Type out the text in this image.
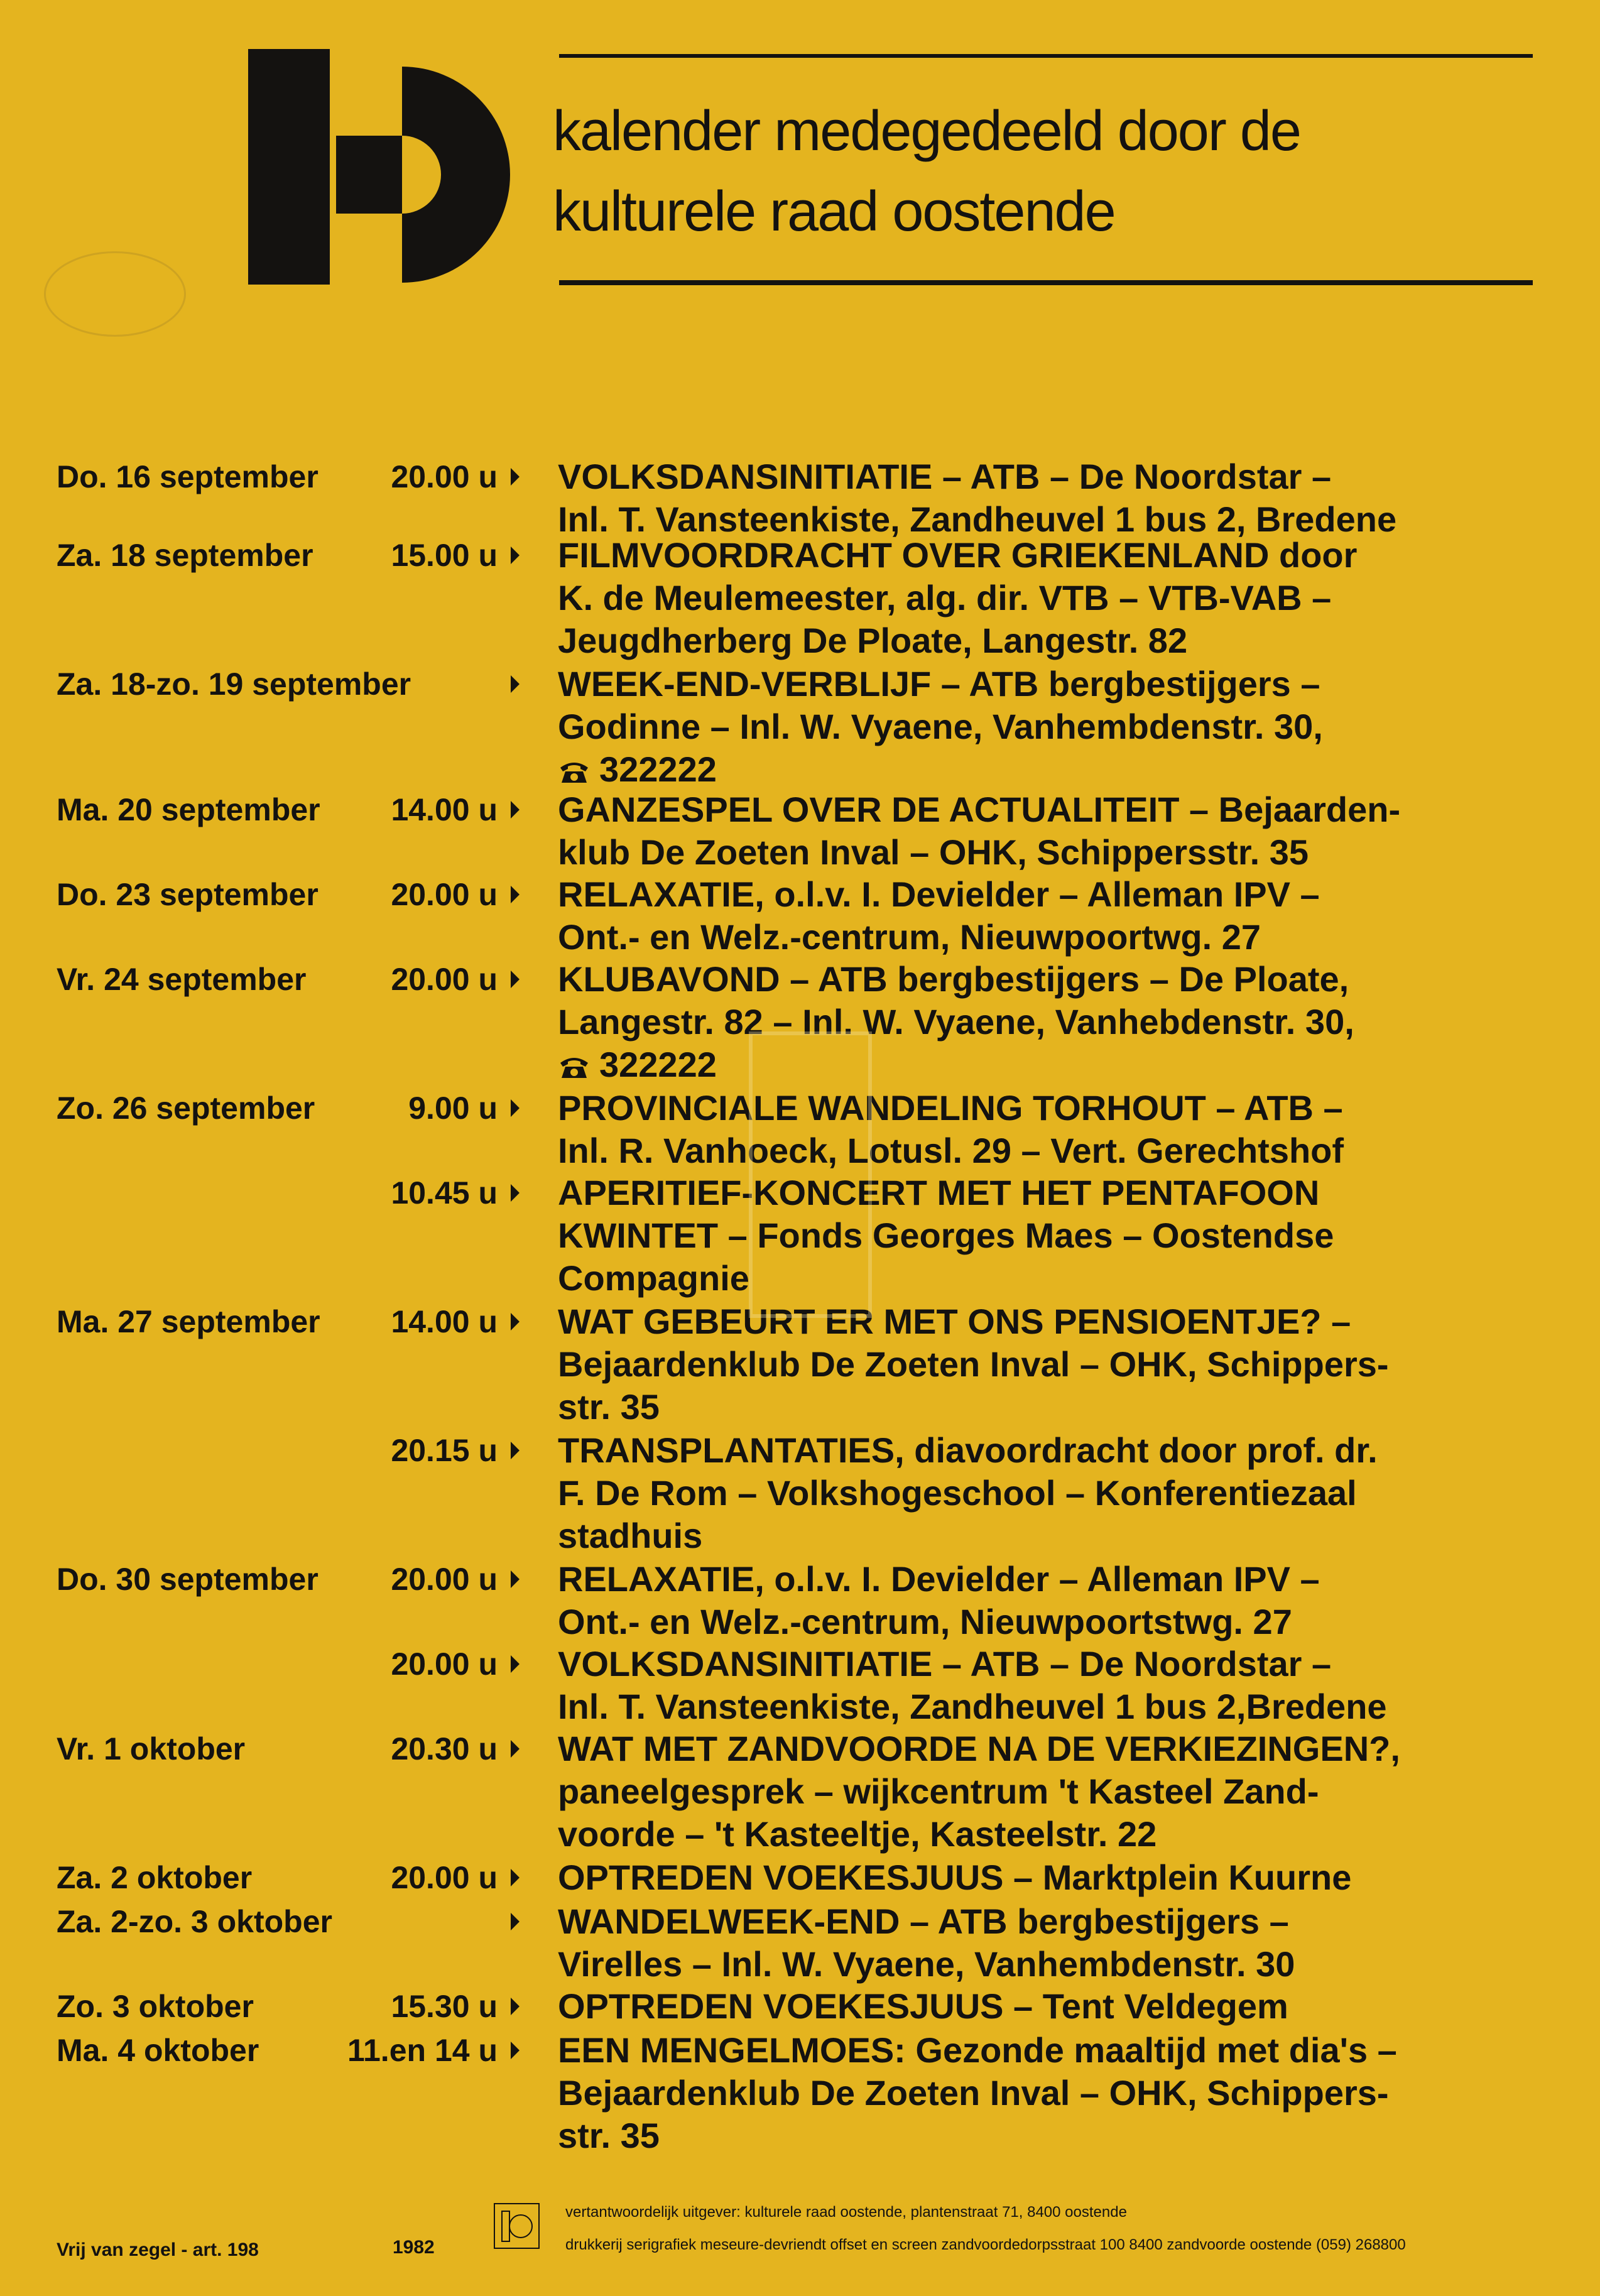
kalender medegedeeld door de
kulturele raad oostende
Do. 16 september 20.00 u VOLKSDANSINITIATIE – ATB – De Noordstar –
Inl. T. Vansteenkiste, Zandheuvel 1 bus 2, Bredene
Za. 18 september 15.00 u FILMVOORDRACHT OVER GRIEKENLAND door
K. de Meulemeester, alg. dir. VTB – VTB-VAB –
Jeugdherberg De Ploate, Langestr. 82
Za. 18-zo. 19 september	WEEK-END-VERBLIJF – ATB bergbestijgers –
Godinne – Inl. W. Vyaene, Vanhembdenstr. 30,
322222
Ma. 20 september 14.00 u GANZESPEL OVER DE ACTUALITEIT – Bejaarden-
klub De Zoeten Inval – OHK, Schippersstr. 35
Do. 23 september 20.00 u RELAXATIE, o.l.v. I. Devielder – Alleman IPV –
Ont.- en Welz.-centrum, Nieuwpoortwg. 27
Vr. 24 september	20.00 u KLUBAVOND – ATB bergbestijgers – De Ploate,
Langestr. 82 – Inl. W. Vyaene, Vanhebdenstr. 30,
322222
Zo. 26 september	9.00 u PROVINCIALE WANDELING TORHOUT – ATB –
Inl. R. Vanhoeck, Lotusl. 29 – Vert. Gerechtshof
10.45 u APERITIEF-KONCERT MET HET PENTAFOON
KWINTET – Fonds Georges Maes – Oostendse
Compagnie
Ma. 27 september 14.00 u WAT GEBEURT ER MET ONS PENSIOENTJE? –
Bejaardenklub De Zoeten Inval – OHK, Schippers-
str. 35
20.15 u TRANSPLANTATIES, diavoordracht door prof. dr.
F. De Rom – Volkshogeschool – Konferentiezaal
stadhuis
Do. 30 september 20.00 u RELAXATIE, o.l.v. I. Devielder – Alleman IPV –
Ont.- en Welz.-centrum, Nieuwpoortstwg. 27
20.00 u VOLKSDANSINITIATIE – ATB – De Noordstar –
Inl. T. Vansteenkiste, Zandheuvel 1 bus 2,Bredene
Vr. 1 oktober	20.30 u WAT MET ZANDVOORDE NA DE VERKIEZINGEN?,
paneelgesprek – wijkcentrum 't Kasteel Zand-
voorde – 't Kasteeltje, Kasteelstr. 22
Za. 2 oktober	20.00 u OPTREDEN VOEKESJUUS – Marktplein Kuurne
Za. 2-zo. 3 oktober	WANDELWEEK-END – ATB bergbestijgers –
Virelles – Inl. W. Vyaene, Vanhembdenstr. 30
Zo. 3 oktober	15.30 u OPTREDEN VOEKESJUUS – Tent Veldegem
Ma. 4 oktober	11.en 14 u EEN MENGELMOES: Gezonde maaltijd met dia's –
Bejaardenklub De Zoeten Inval – OHK, Schippers-
str. 35
Vrij van zegel - art. 198	1982
vertantwoordelijk uitgever: kulturele raad oostende, plantenstraat 71, 8400 oostende
drukkerij serigrafiek meseure-devriendt offset en screen zandvoordedorpsstraat 100 8400 zandvoorde oostende (059) 268800
